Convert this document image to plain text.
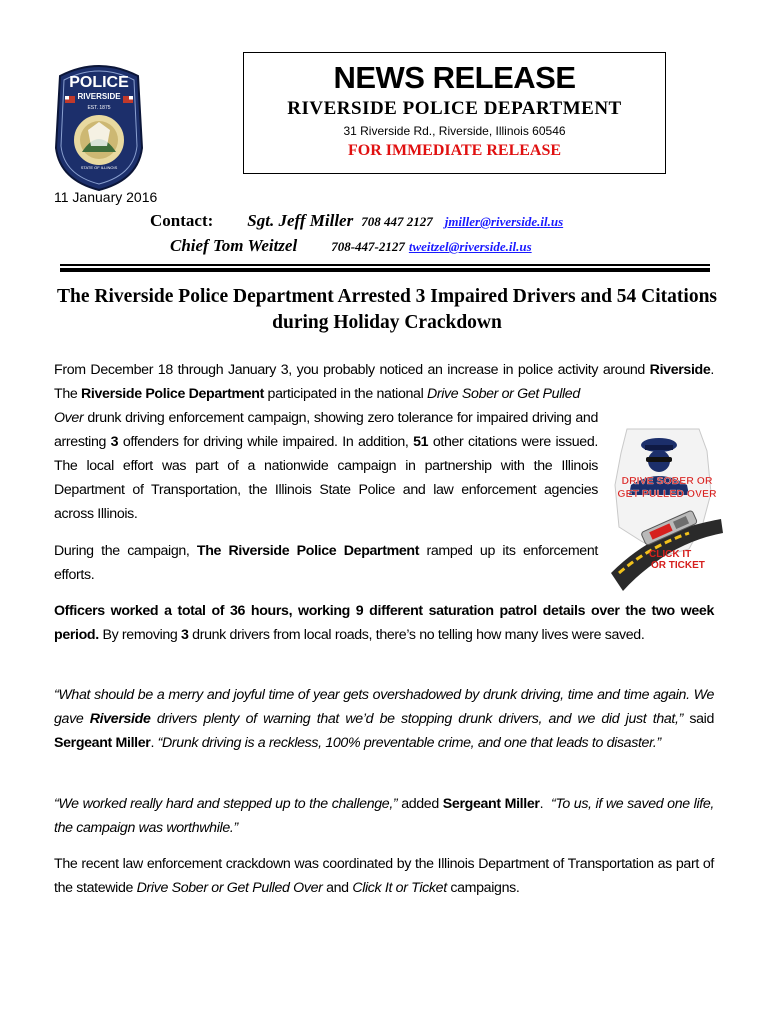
POLICE
RIVERSIDE
EST. 1875
STATE OF ILLINOIS
NEWS RELEASE
RIVERSIDE POLICE DEPARTMENT
31 Riverside Rd., Riverside, Illinois 60546
FOR IMMEDIATE RELEASE
11 January 2016
Contact: Sgt. Jeff Miller 708 447 2127 jmiller@riverside.il.us
Chief Tom Weitzel	708-447-2127 tweitzel@riverside.il.us
The Riverside Police Department Arrested 3 Impaired Drivers and 54 Citations during Holiday Crackdown

From December 18 through January 3, you probably noticed an increase in police activity around Riverside. The Riverside Police Department participated in the national Drive Sober or Get Pulled

Over drunk driving enforcement campaign, showing zero tolerance for impaired driving and arresting 3 offenders for driving while impaired. In addition, 51 other citations were issued. The local effort was part of a nationwide campaign in partnership with the Illinois Department of Transportation, the Illinois State Police and law enforcement agencies across Illinois.

During the campaign, The Riverside Police Department ramped up its enforcement efforts.

Officers worked a total of 36 hours, working 9 different saturation patrol details over the two week period. By removing 3 drunk drivers from local roads, there’s no telling how many lives were saved.

“What should be a merry and joyful time of year gets overshadowed by drunk driving, time and time again. We gave Riverside drivers plenty of warning that we’d be stopping drunk drivers, and we did just that,” said Sergeant Miller. “Drunk driving is a reckless, 100% preventable crime, and one that leads to disaster.”

“We worked really hard and stepped up to the challenge,” added Sergeant Miller.  “To us, if we saved one life, the campaign was worthwhile.”

The recent law enforcement crackdown was coordinated by the Illinois Department of Transportation as part of the statewide Drive Sober or Get Pulled Over and Click It or Ticket campaigns.

DRIVE SOBER OR
GET PULLED OVER
CLICK IT
OR TICKET
